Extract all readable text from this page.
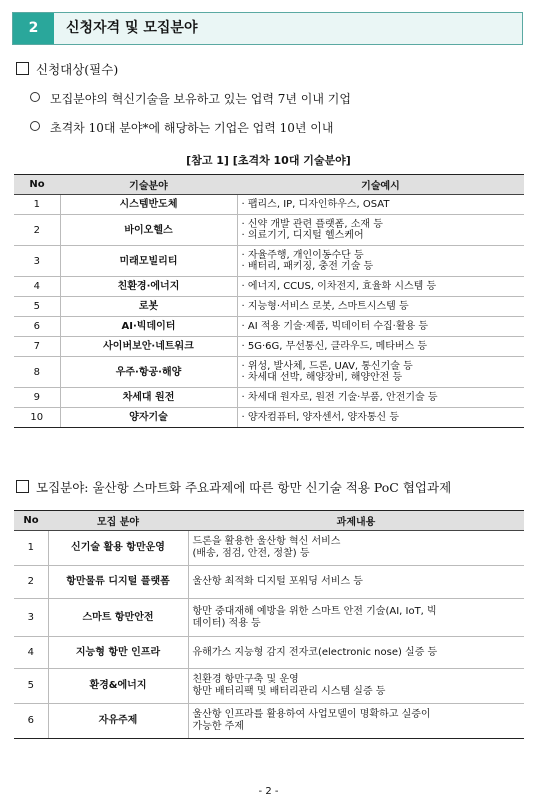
2	신청자격 및 모집분야
신청대상(필수)
모집분야의 혁신기술을 보유하고 있는 업력 7년 이내 기업
초격차 10대 분야*에 해당하는 기업은 업력 10년 이내
[참고 1] [초격차 10대 기술분야]
No	기술분야	기술예시
1	시스템반도체	· 팹리스, IP, 디자인하우스, OSAT

2	바이오헬스	· 신약 개발 관련 플랫폼, 소재 등
· 의료기기, 디지털 헬스케어

3	미래모빌리티	· 자율주행, 개인이동수단 등
· 배터리, 패키징, 충전 기술 등

4	친환경·에너지	· 에너지, CCUS, 이차전지, 효율화 시스템 등

5	로봇	· 지능형·서비스 로봇, 스마트시스템 등

6	AI·빅데이터	· AI 적용 기술·제품, 빅데이터 수집·활용 등

7	사이버보안·네트워크	· 5G·6G, 무선통신, 클라우드, 메타버스 등

8	우주·항공·해양	· 위성, 발사체, 드론, UAV, 통신기술 등
· 차세대 선박, 해양장비, 해양안전 등

9	차세대 원전	· 차세대 원자로, 원전 기술·부품, 안전기술 등

10	양자기술	· 양자컴퓨터, 양자센서, 양자통신 등
모집분야: 울산항 스마트화 주요과제에 따른 항만 신기술 적용 PoC 협업과제
No	모집 분야	과제내용
1	신기술 활용 항만운영	드론을 활용한 울산항 혁신 서비스
(배송, 점검, 안전, 정찰) 등

2	항만물류 디지털 플랫폼	울산항 최적화 디지털 포워딩 서비스 등

3	스마트 항만안전	항만 중대재해 예방을 위한 스마트 안전 기술(AI, IoT, 빅
데이터) 적용 등

4	지능형 항만 인프라	유해가스 지능형 감지 전자코(electronic nose) 실증 등

5	환경&에너지	친환경 항만구축 및 운영
항만 배터리팩 및 배터리관리 시스템 실증 등

6	자유주제	울산항 인프라를 활용하여 사업모델이 명확하고 실증이
가능한 주제
- 2 -
